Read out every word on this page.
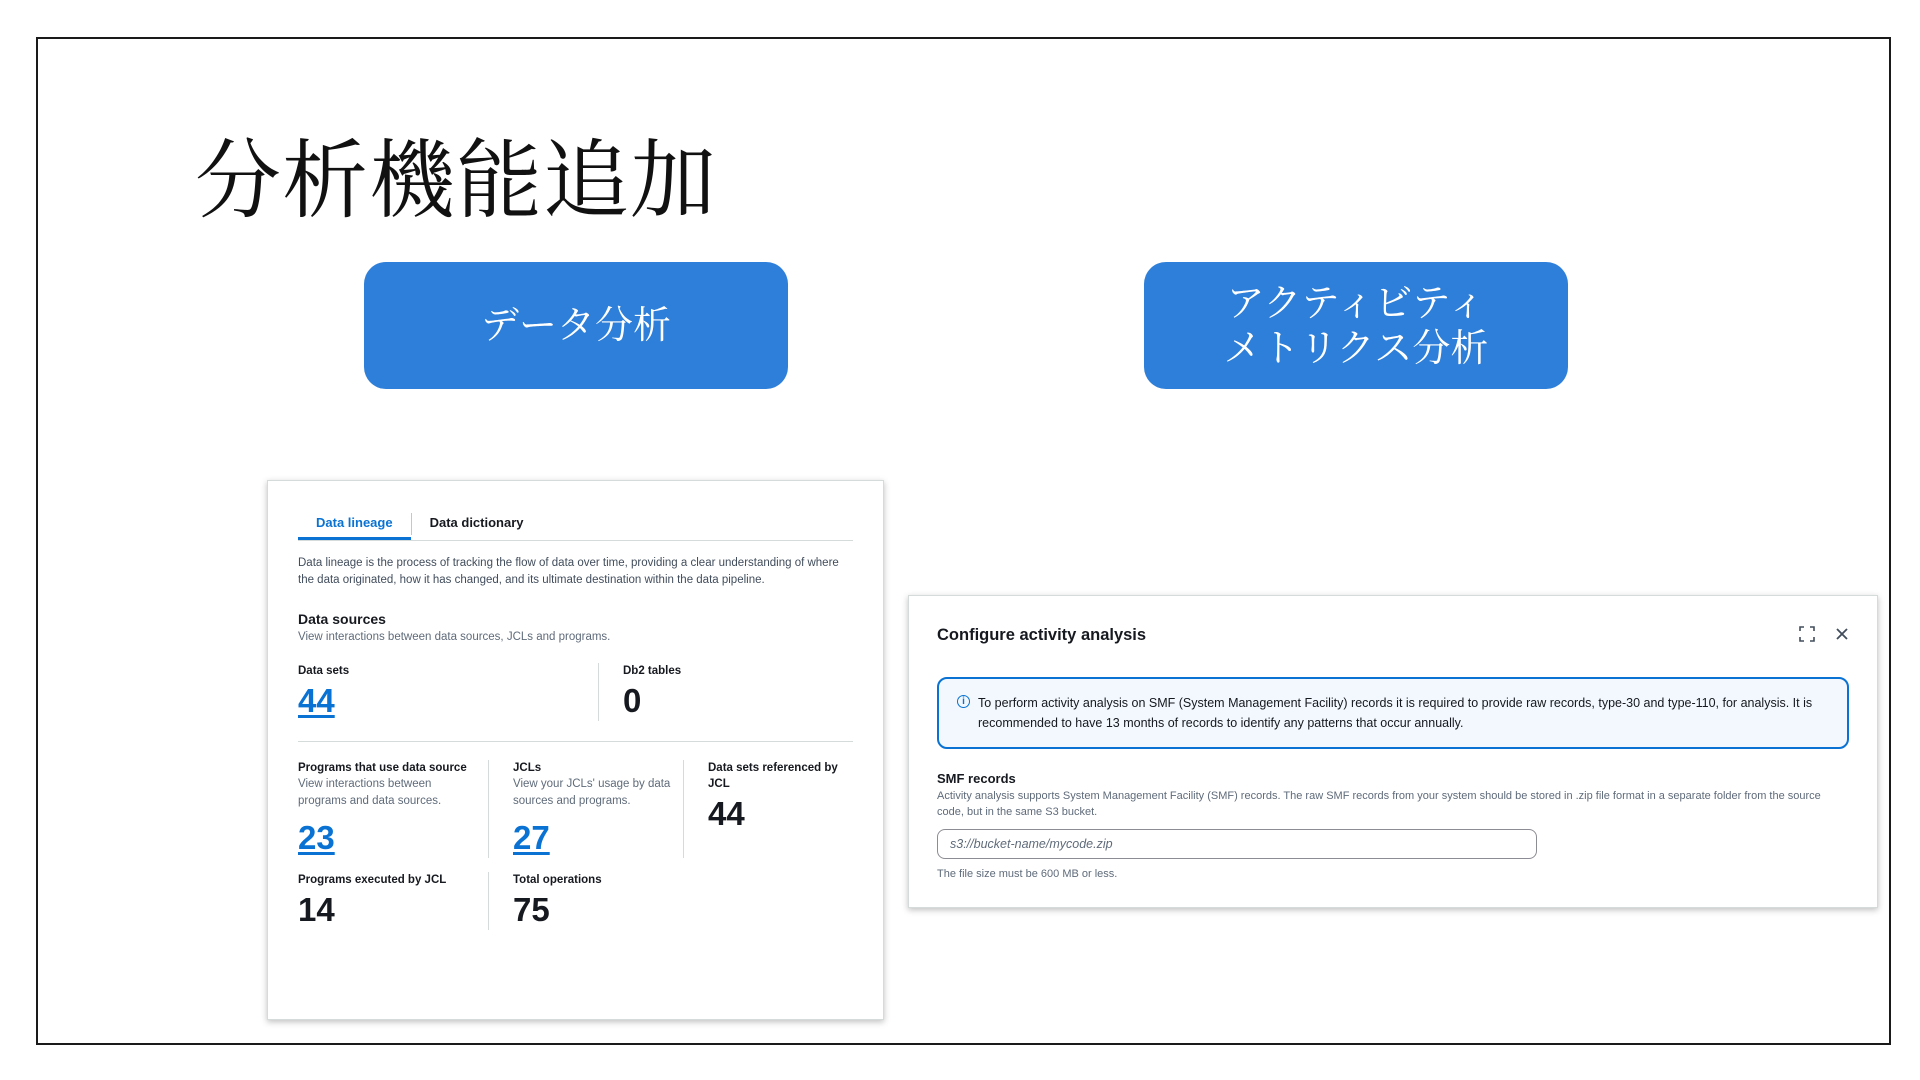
分析機能追加
データ分析
アクティビティ
メトリクス分析
Data lineage	Data dictionary
Data lineage is the process of tracking the flow of data over time, providing a clear understanding of where the data originated, how it has changed, and its ultimate destination within the data pipeline.
Data sources
View interactions between data sources, JCLs and programs.
Data sets
44
Db2 tables
0
Programs that use data source
View interactions between programs and data sources.
23
JCLs
View your JCLs' usage by data sources and programs.
27
Data sets referenced by JCL
44
Programs executed by JCL
14
Total operations
75
Configure activity analysis
i	To perform activity analysis on SMF (System Management Facility) records it is required to provide raw records, type-30 and type-110, for analysis. It is recommended to have 13 months of records to identify any patterns that occur annually.
SMF records
Activity analysis supports System Management Facility (SMF) records. The raw SMF records from your system should be stored in .zip file format in a separate folder from the source code, but in the same S3 bucket.
s3://bucket-name/mycode.zip
The file size must be 600 MB or less.
